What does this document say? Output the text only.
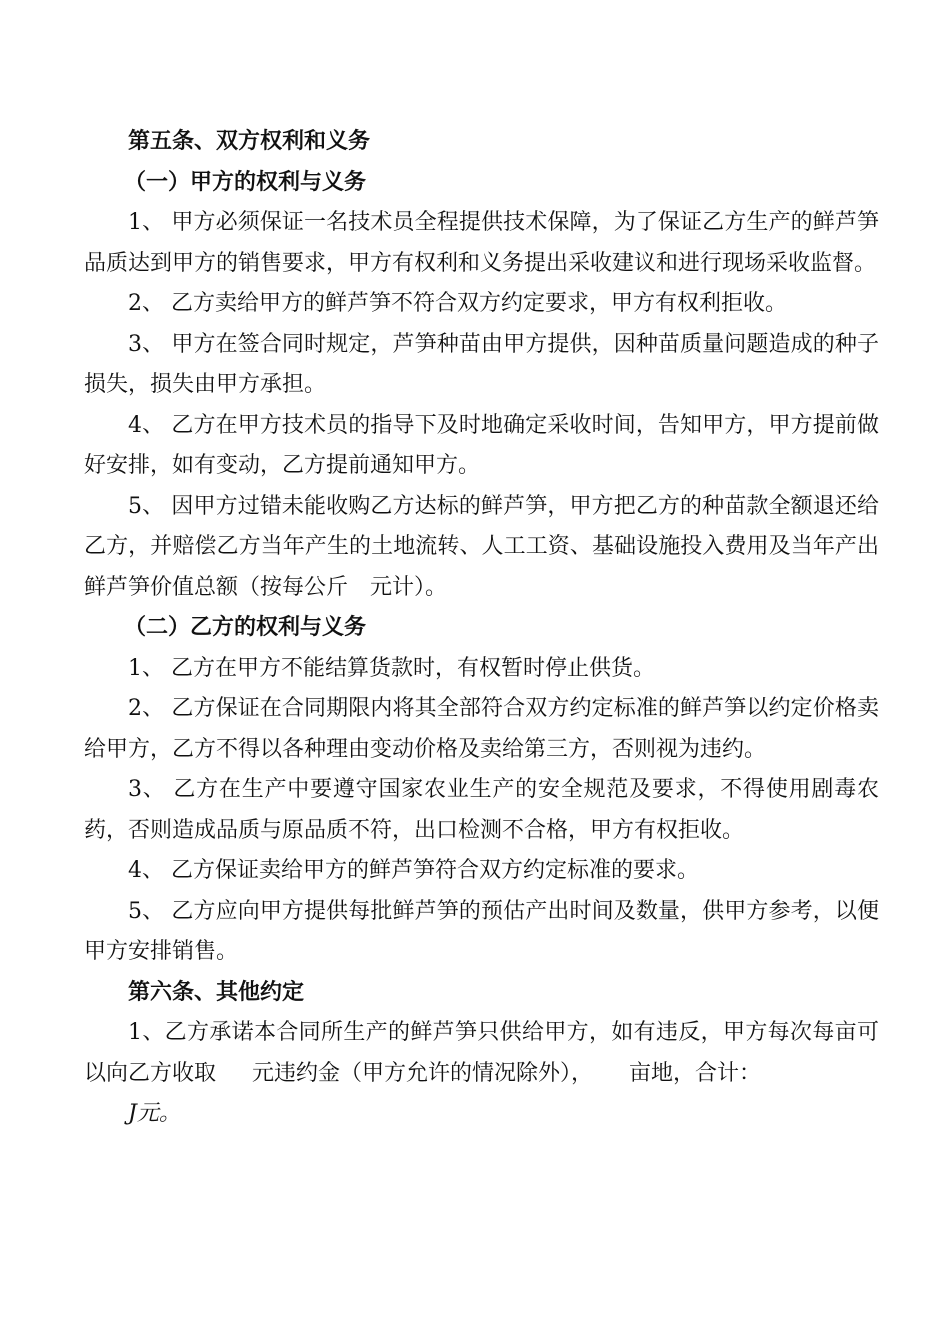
第五条、双方权利和义务

（一）甲方的权利与义务

1、 甲方必须保证一名技术员全程提供技术保障，为了保证乙方生产的鲜芦笋品质达到甲方的销售要求，甲方有权利和义务提出采收建议和进行现场采收监督。

2、 乙方卖给甲方的鲜芦笋不符合双方约定要求，甲方有权利拒收。

3、 甲方在签合同时规定，芦笋种苗由甲方提供，因种苗质量问题造成的种子损失，损失由甲方承担。

4、 乙方在甲方技术员的指导下及时地确定采收时间，告知甲方，甲方提前做好安排，如有变动，乙方提前通知甲方。

5、 因甲方过错未能收购乙方达标的鲜芦笋，甲方把乙方的种苗款全额退还给乙方，并赔偿乙方当年产生的土地流转、人工工资、基础设施投入费用及当年产出鲜芦笋价值总额（按每公斤 元计）。

（二）乙方的权利与义务

1、 乙方在甲方不能结算货款时，有权暂时停止供货。

2、 乙方保证在合同期限内将其全部符合双方约定标准的鲜芦笋以约定价格卖给甲方，乙方不得以各种理由变动价格及卖给第三方，否则视为违约。

3、 乙方在生产中要遵守国家农业生产的安全规范及要求，不得使用剧毒农药，否则造成品质与原品质不符，出口检测不合格，甲方有权拒收。

4、 乙方保证卖给甲方的鲜芦笋符合双方约定标准的要求。

5、 乙方应向甲方提供每批鲜芦笋的预估产出时间及数量，供甲方参考，以便甲方安排销售。

第六条、其他约定

1、乙方承诺本合同所生产的鲜芦笋只供给甲方，如有违反，甲方每次每亩可以向乙方收取 元违约金（甲方允许的情况除外）， 亩地，合计：

J元。
